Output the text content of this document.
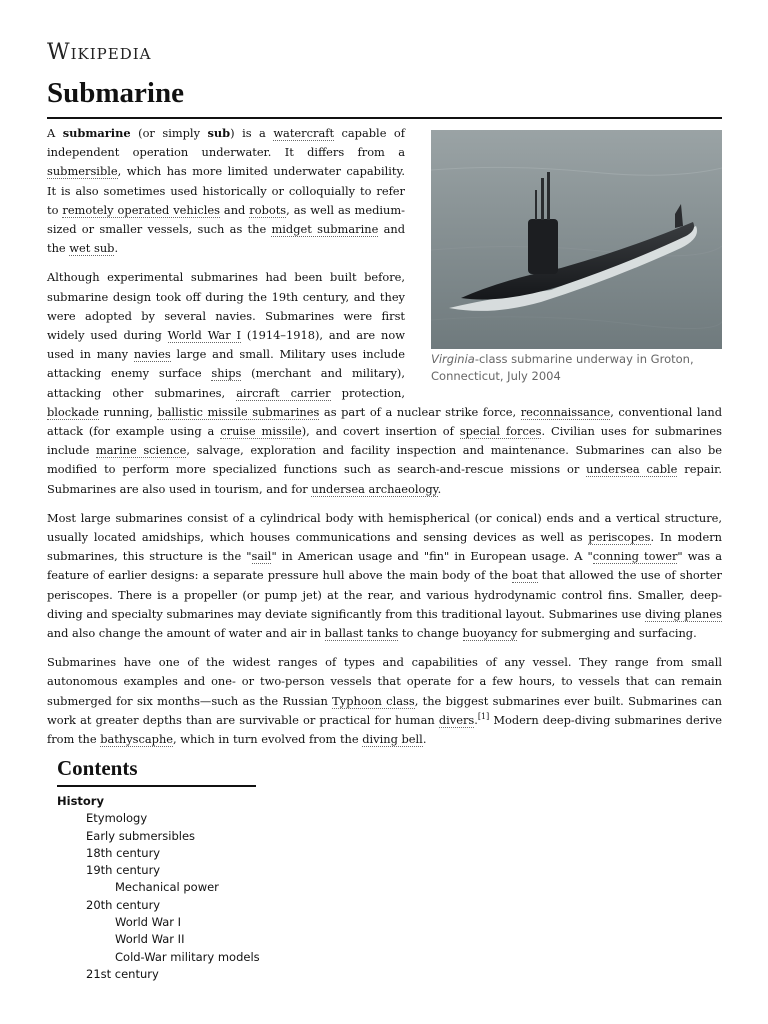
Wikipedia
Submarine
Virginia-class submarine underway in Groton, Connecticut, July 2004

A submarine (or simply sub) is a watercraft capable of independent operation underwater. It differs from a submersible, which has more limited underwater capability. It is also sometimes used historically or colloquially to refer to remotely operated vehicles and robots, as well as medium-sized or smaller vessels, such as the midget submarine and the wet sub.

Although experimental submarines had been built before, submarine design took off during the 19th century, and they were adopted by several navies. Submarines were first widely used during World War I (1914–1918), and are now used in many navies large and small. Military uses include attacking enemy surface ships (merchant and military), attacking other submarines, aircraft carrier protection, blockade running, ballistic missile submarines as part of a nuclear strike force, reconnaissance, conventional land attack (for example using a cruise missile), and covert insertion of special forces. Civilian uses for submarines include marine science, salvage, exploration and facility inspection and maintenance. Submarines can also be modified to perform more specialized functions such as search-and-rescue missions or undersea cable repair. Submarines are also used in tourism, and for undersea archaeology.

Most large submarines consist of a cylindrical body with hemispherical (or conical) ends and a vertical structure, usually located amidships, which houses communications and sensing devices as well as periscopes. In modern submarines, this structure is the "sail" in American usage and "fin" in European usage. A "conning tower" was a feature of earlier designs: a separate pressure hull above the main body of the boat that allowed the use of shorter periscopes. There is a propeller (or pump jet) at the rear, and various hydrodynamic control fins. Smaller, deep-diving and specialty submarines may deviate significantly from this traditional layout. Submarines use diving planes and also change the amount of water and air in ballast tanks to change buoyancy for submerging and surfacing.

Submarines have one of the widest ranges of types and capabilities of any vessel. They range from small autonomous examples and one- or two-person vessels that operate for a few hours, to vessels that can remain submerged for six months—such as the Russian Typhoon class, the biggest submarines ever built. Submarines can work at greater depths than are survivable or practical for human divers.[1] Modern deep-diving submarines derive from the bathyscaphe, which in turn evolved from the diving bell.

Contents
History
Etymology
Early submersibles
18th century
19th century
Mechanical power
20th century
World War I
World War II
Cold-War military models
21st century
